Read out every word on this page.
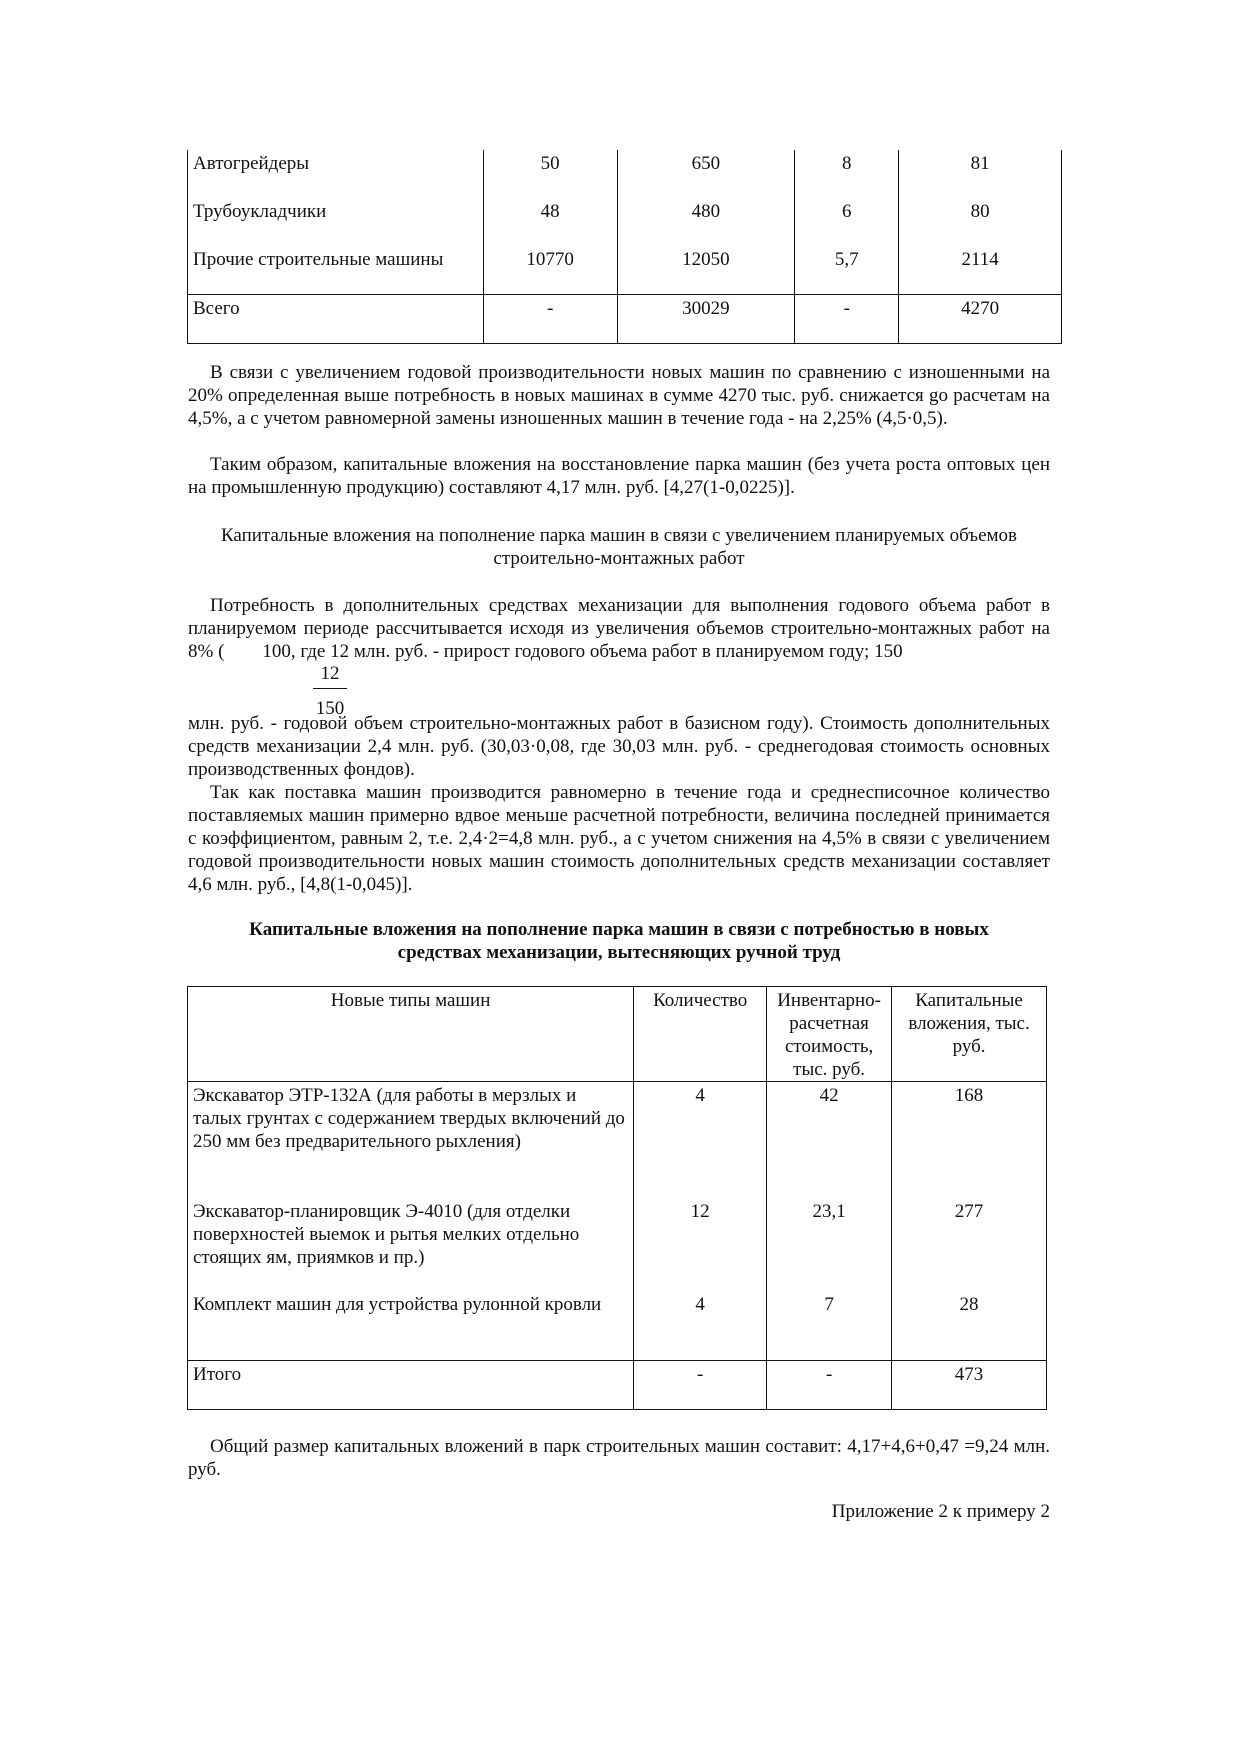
Автогрейдеры	50	650	8	81
Трубоукладчики	48	480	6	80
Прочие строительные машины	10770	12050	5,7	2114
Всего	-	30029	-	4270

В связи с увеличением годовой производительности новых машин по сравнению с изношенными на 20% определенная выше потребность в новых машинах в сумме 4270 тыс. руб. снижается gо расчетам на 4,5%, а с учетом равномерной замены изношенных машин в течение года - на 2,25% (4,5·0,5).

Таким образом, капитальные вложения на восстановление парка машин (без учета роста оптовых цен на промышленную продукцию) составляют 4,17 млн. руб. [4,27(1-0,0225)].

Капитальные вложения на пополнение парка машин в связи с увеличением планируемых объемов строительно-монтажных работ

Потребность в дополнительных средствах механизации для выполнения годового объема работ в планируемом периоде рассчитывается исходя из увеличения объемов строительно-монтажных работ на 8% (  100, где 12 млн. руб. - прирост годового объема работ в планируемом году; 150

$\frac{12}{150}$

млн. руб. - годовой объем строительно-монтажных работ в базисном году). Стоимость дополнительных средств механизации 2,4 млн. руб. (30,03·0,08, где 30,03 млн. руб. - среднегодовая стоимость основных производственных фондов).

Так как поставка машин производится равномерно в течение года и среднесписочное количество поставляемых машин примерно вдвое меньше расчетной потребности, величина последней принимается с коэффициентом, равным 2, т.е. 2,4·2=4,8 млн. руб., а с учетом снижения на 4,5% в связи с увеличением годовой производительности новых машин стоимость дополнительных средств механизации составляет 4,6 млн. руб., [4,8(1-0,045)].

Капитальные вложения на пополнение парка машин в связи с потребностью в новых средствах механизации, вытесняющих ручной труд

Новые типы машин	Количество	Инвентарно-расчетная стоимость, тыс. руб.	Капитальные вложения, тыс. руб.
Экскаватор ЭТР-132А (для работы в мерзлых и талых грунтах с содержанием твердых включений до 250 мм без предварительного рыхления)	4	42	168
Экскаватор-планировщик Э-4010 (для отделки поверхностей выемок и рытья мелких отдельно стоящих ям, приямков и пр.)	12	23,1	277
Комплект машин для устройства рулонной кровли	4	7	28
Итого	-	-	473

Общий размер капитальных вложений в парк строительных машин составит: 4,17+4,6+0,47 =9,24 млн. руб.

Приложение 2 к примеру 2
